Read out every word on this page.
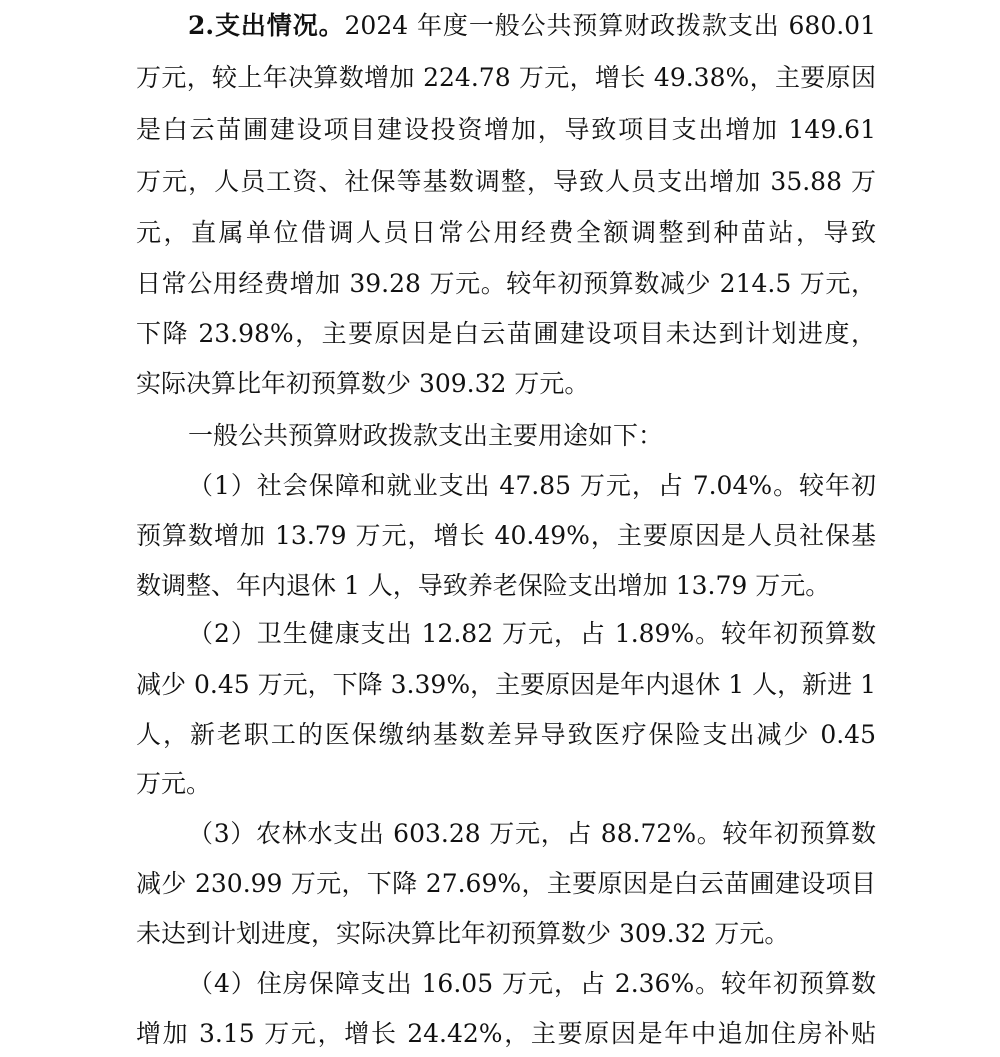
2.支出情况。2024 年度一般公共预算财政拨款支出 680.01
万元，较上年决算数增加 224.78 万元，增长 49.38%，主要原因
是白云苗圃建设项目建设投资增加，导致项目支出增加 149.61
万元，人员工资、社保等基数调整，导致人员支出增加 35.88 万
元，直属单位借调人员日常公用经费全额调整到种苗站，导致
日常公用经费增加 39.28 万元。较年初预算数减少 214.5 万元，
下降 23.98%，主要原因是白云苗圃建设项目未达到计划进度，
实际决算比年初预算数少 309.32 万元。
一般公共预算财政拨款支出主要用途如下：
（1）社会保障和就业支出 47.85 万元，占 7.04%。较年初
预算数增加 13.79 万元，增长 40.49%，主要原因是人员社保基
数调整、年内退休 1 人，导致养老保险支出增加 13.79 万元。
（2）卫生健康支出 12.82 万元，占 1.89%。较年初预算数
减少 0.45 万元，下降 3.39%，主要原因是年内退休 1 人，新进 1
人，新老职工的医保缴纳基数差异导致医疗保险支出减少 0.45
万元。
（3）农林水支出 603.28 万元，占 88.72%。较年初预算数
减少 230.99 万元，下降 27.69%，主要原因是白云苗圃建设项目
未达到计划进度，实际决算比年初预算数少 309.32 万元。
（4）住房保障支出 16.05 万元，占 2.36%。较年初预算数
增加 3.15 万元，增长 24.42%，主要原因是年中追加住房补贴
